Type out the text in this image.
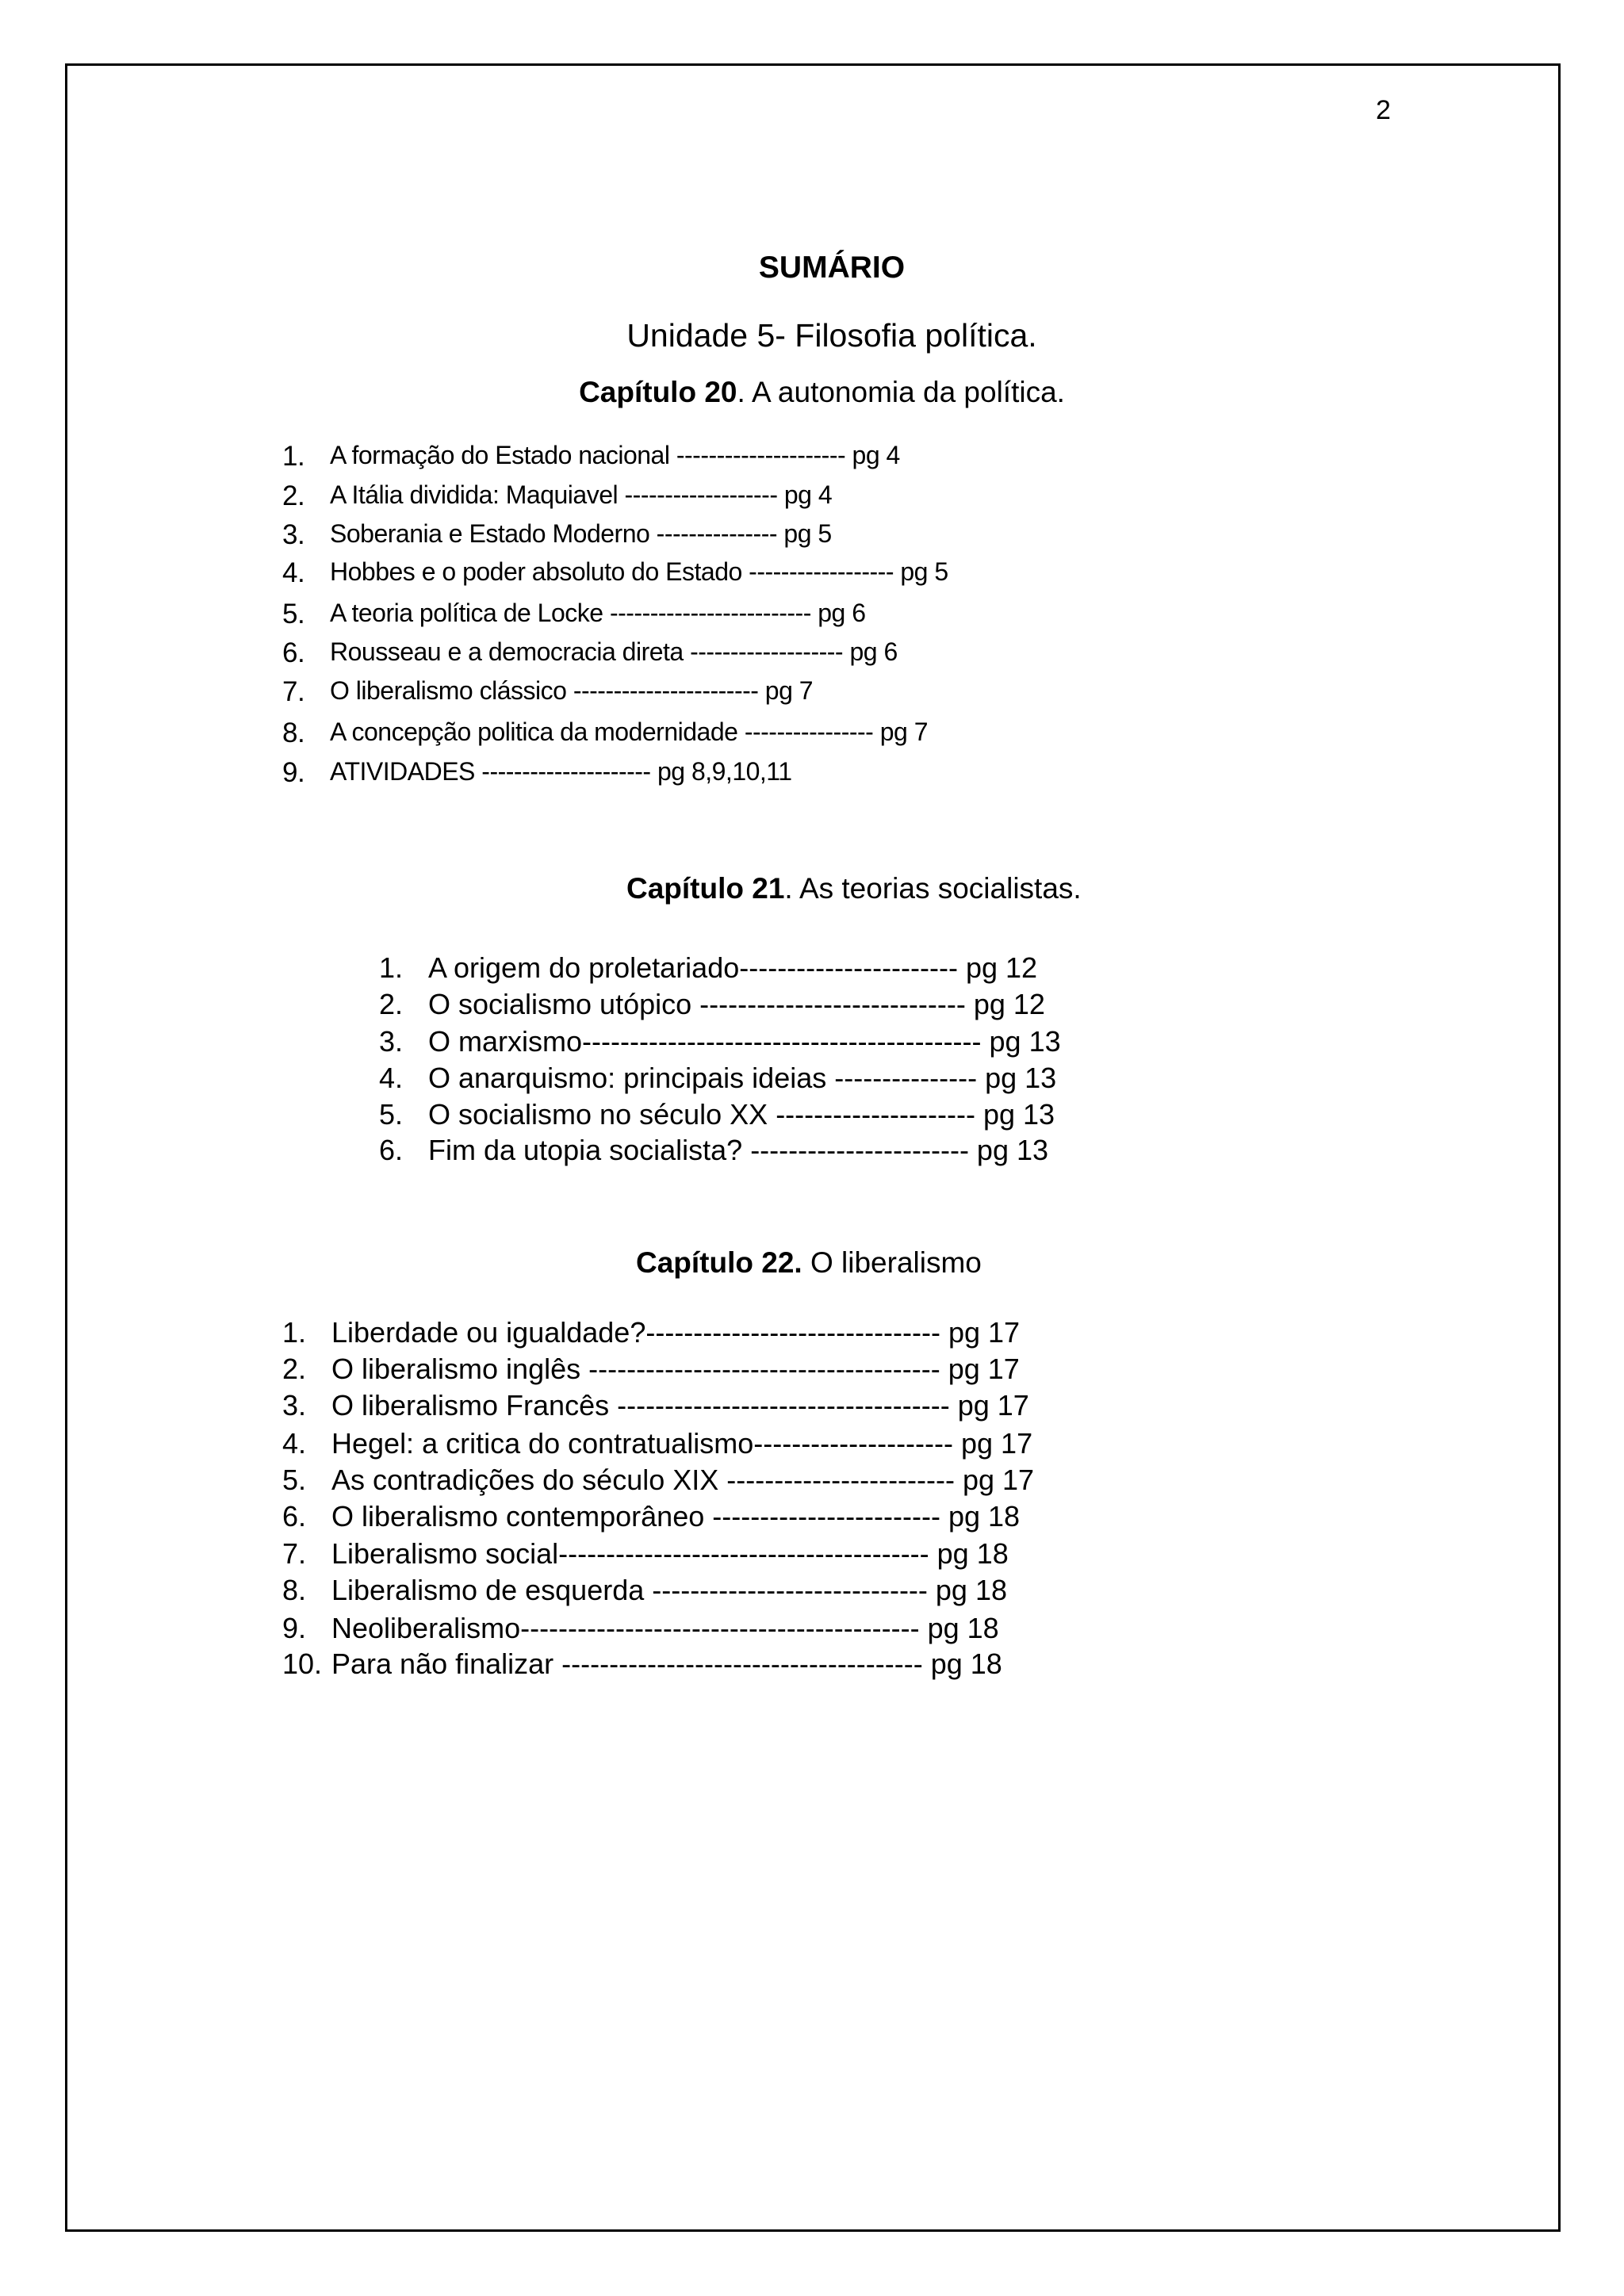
2
SUMÁRIO
Unidade 5- Filosofia política.
Capítulo 20. A autonomia da política.
1. A formação do Estado nacional --------------------- pg 4
2. A Itália dividida: Maquiavel ------------------- pg 4
3. Soberania e Estado Moderno --------------- pg 5
4. Hobbes e o poder absoluto do Estado ------------------ pg 5
5. A teoria política de Locke ------------------------- pg 6
6. Rousseau e a democracia direta ------------------- pg 6
7. O liberalismo clássico ----------------------- pg 7
8. A concepção politica da modernidade ---------------- pg 7
9. ATIVIDADES --------------------- pg 8,9,10,11
Capítulo 21. As teorias socialistas.
1. A origem do proletariado----------------------- pg 12
2. O socialismo utópico ---------------------------- pg 12
3. O marxismo------------------------------------------ pg 13
4. O anarquismo: principais ideias --------------- pg 13
5. O socialismo no século XX --------------------- pg 13
6. Fim da utopia socialista? ----------------------- pg 13
Capítulo 22. O liberalismo
1. Liberdade ou igualdade?------------------------------- pg 17
2. O liberalismo inglês ------------------------------------- pg 17
3. O liberalismo Francês ----------------------------------- pg 17
4. Hegel: a critica do contratualismo--------------------- pg 17
5. As contradições do século XIX ------------------------ pg 17
6. O liberalismo contemporâneo ------------------------ pg 18
7. Liberalismo social--------------------------------------- pg 18
8. Liberalismo de esquerda ----------------------------- pg 18
9. Neoliberalismo------------------------------------------ pg 18
10. Para não finalizar -------------------------------------- pg 18
